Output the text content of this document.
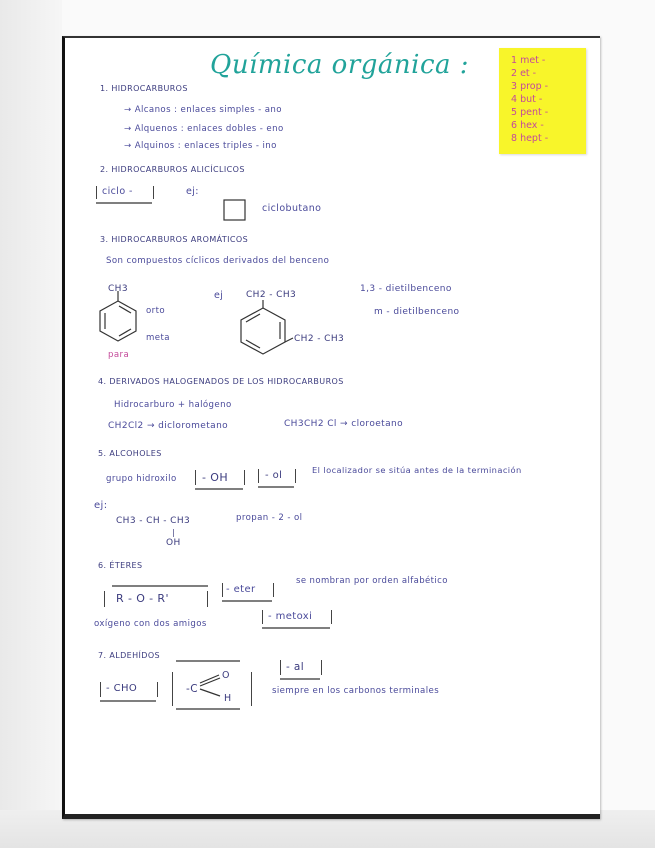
Química orgánica :	1 met -
2 et -
3 prop -
4 but -
5 pent -
6 hex -
8 hept -
1. HIDROCARBUROS
→ Alcanos : enlaces simples - ano
→ Alquenos : enlaces dobles - eno
→ Alquinos : enlaces triples - ino
2. HIDROCARBUROS ALICÍCLICOS
ciclo -	ej:
ciclobutano
3. HIDROCARBUROS AROMÁTICOS
Son compuestos cíclicos derivados del benceno
CH3
orto
meta
para
ej	CH2 - CH3
CH2 - CH3
1,3 - dietilbenceno
m - dietilbenceno
4. DERIVADOS HALOGENADOS DE LOS HIDROCARBUROS
Hidrocarburo + halógeno
CH2Cl2 → diclorometano	CH3CH2 Cl → cloroetano
5. ALCOHOLES
grupo hidroxilo - OH	- ol	El localizador se sitúa antes de la terminación
ej:
CH3 - CH - CH3	propan - 2 - ol
|
OH
6. ÉTERES
R - O - R'
- eter
se nombran por orden alfabético
oxígeno con dos amigos
- metoxi
7. ALDEHÍDOS
- al
- CHO	-C
O
H
siempre en los carbonos terminales
